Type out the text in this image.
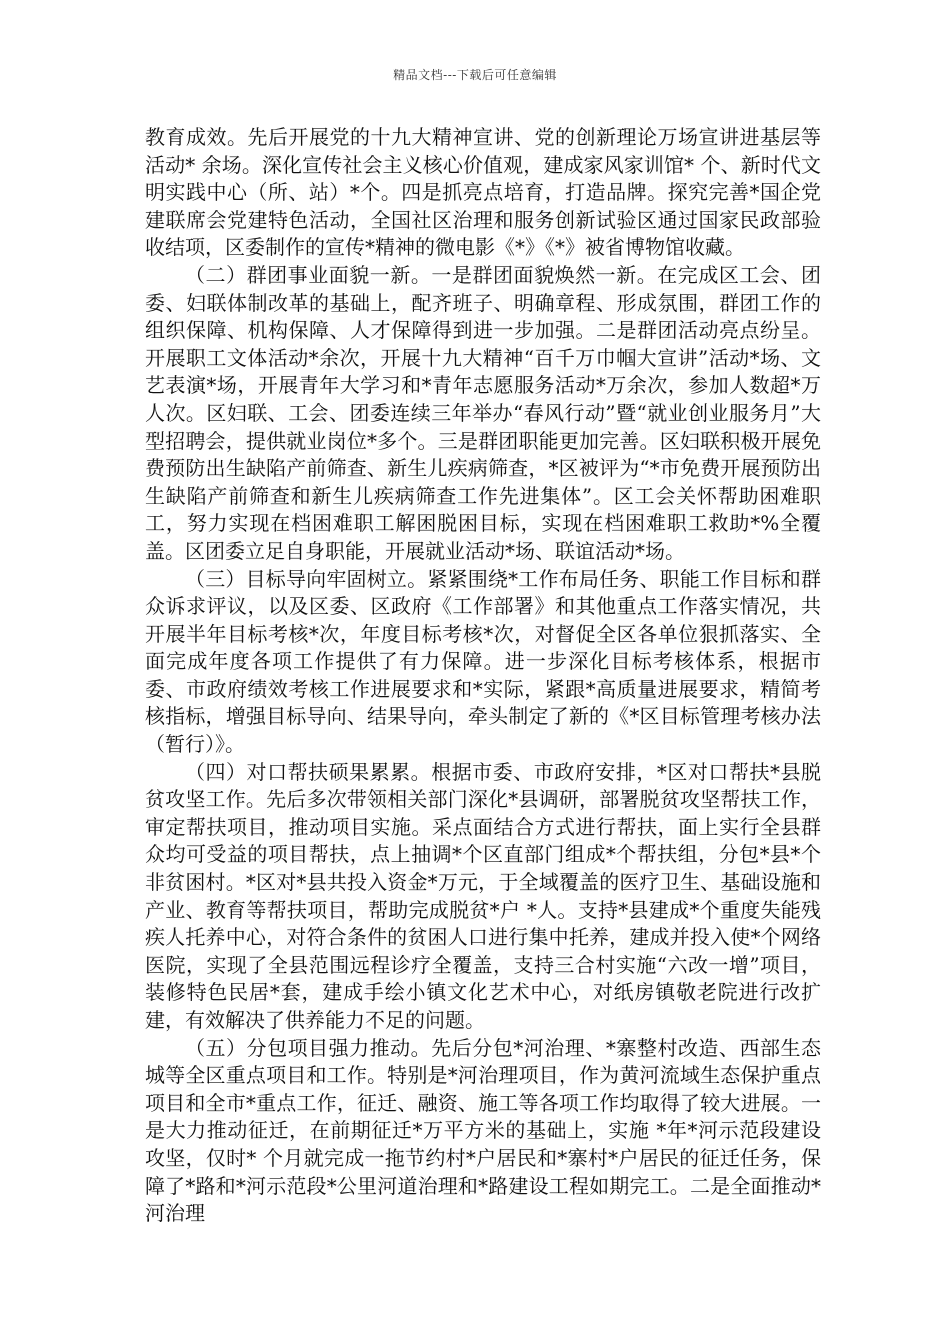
精品文档---下载后可任意编辑

教育成效。先后开展党的十九大精神宣讲、党的创新理论万场宣讲进基层等活动* 余场。深化宣传社会主义核心价值观，建成家风家训馆* 个、新时代文明实践中心（所、站）*个。四是抓亮点培育，打造品牌。探究完善*国企党建联席会党建特色活动，全国社区治理和服务创新试验区通过国家民政部验收结项，区委制作的宣传*精神的微电影《*》《*》被省博物馆收藏。

（二）群团事业面貌一新。一是群团面貌焕然一新。在完成区工会、团委、妇联体制改革的基础上，配齐班子、明确章程、形成氛围，群团工作的组织保障、机构保障、人才保障得到进一步加强。二是群团活动亮点纷呈。开展职工文体活动*余次，开展十九大精神“百千万巾帼大宣讲”活动*场、文艺表演*场，开展青年大学习和*青年志愿服务活动*万余次，参加人数超*万人次。区妇联、工会、团委连续三年举办“春风行动”暨“就业创业服务月”大型招聘会，提供就业岗位*多个。三是群团职能更加完善。区妇联积极开展免费预防出生缺陷产前筛查、新生儿疾病筛查，*区被评为“*市免费开展预防出生缺陷产前筛查和新生儿疾病筛查工作先进集体”。区工会关怀帮助困难职工，努力实现在档困难职工解困脱困目标，实现在档困难职工救助*%全覆盖。区团委立足自身职能，开展就业活动*场、联谊活动*场。

（三）目标导向牢固树立。紧紧围绕*工作布局任务、职能工作目标和群众诉求评议，以及区委、区政府《工作部署》和其他重点工作落实情况，共开展半年目标考核*次，年度目标考核*次，对督促全区各单位狠抓落实、全面完成年度各项工作提供了有力保障。进一步深化目标考核体系，根据市委、市政府绩效考核工作进展要求和*实际，紧跟*高质量进展要求，精简考核指标，增强目标导向、结果导向，牵头制定了新的《*区目标管理考核办法（暂行）》。

（四）对口帮扶硕果累累。根据市委、市政府安排，*区对口帮扶*县脱贫攻坚工作。先后多次带领相关部门深化*县调研，部署脱贫攻坚帮扶工作，审定帮扶项目，推动项目实施。采点面结合方式进行帮扶，面上实行全县群众均可受益的项目帮扶，点上抽调*个区直部门组成*个帮扶组，分包*县*个非贫困村。*区对*县共投入资金*万元，于全域覆盖的医疗卫生、基础设施和产业、教育等帮扶项目，帮助完成脱贫*户 *人。支持*县建成*个重度失能残疾人托养中心，对符合条件的贫困人口进行集中托养，建成并投入使*个网络医院，实现了全县范围远程诊疗全覆盖，支持三合村实施“六改一增”项目，装修特色民居*套，建成手绘小镇文化艺术中心，对纸房镇敬老院进行改扩建，有效解决了供养能力不足的问题。

（五）分包项目强力推动。先后分包*河治理、*寨整村改造、西部生态城等全区重点项目和工作。特别是*河治理项目，作为黄河流域生态保护重点项目和全市*重点工作，征迁、融资、施工等各项工作均取得了较大进展。一是大力推动征迁，在前期征迁*万平方米的基础上，实施 *年*河示范段建设攻坚，仅时* 个月就完成一拖节约村*户居民和*寨村*户居民的征迁任务，保障了*路和*河示范段*公里河道治理和*路建设工程如期完工。二是全面推动*河治理
